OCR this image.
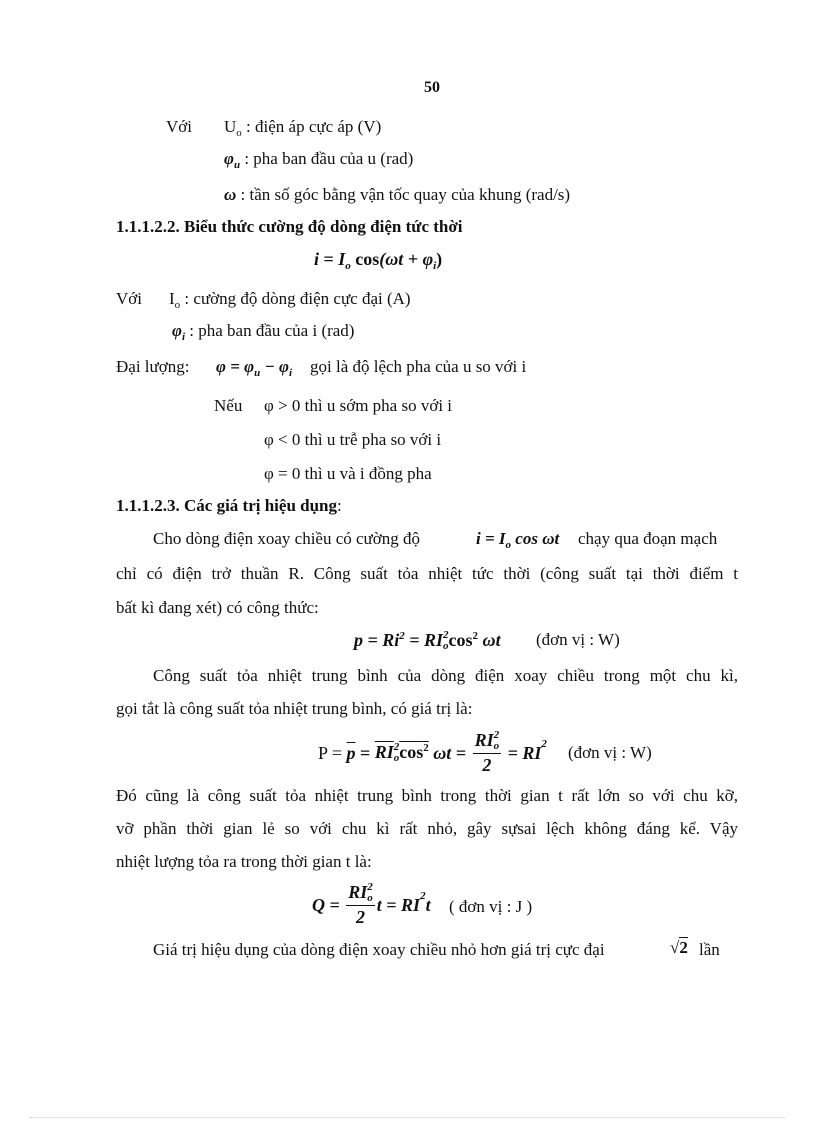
50
Với $U_o$ : điện áp cực áp (V)
$\varphi_u$ : pha ban đầu của u (rad)
ω : tần số góc bằng vận tốc quay của khung (rad/s)
1.1.1.2.2. Biểu thức cường độ dòng điện tức thời
$i = I_o$ $\cos(\omega t + \varphi_i)$
Với $I_o$ : cường độ dòng điện cực đại (A)
$\varphi_i$ : pha ban đầu của i (rad)
Đại lượng: $\varphi = \varphi_u - \varphi_i$ gọi là độ lệch pha của u so với i
Nếu φ > 0 thì u sớm pha so với i
φ < 0 thì u trễ pha so với i
φ = 0 thì u và i đồng pha
1.1.1.2.3. Các giá trị hiệu dụng:
Cho dòng điện xoay chiều có cường độ	$i = I_o$ cos ωt chạy qua đoạn mạch
chỉ có điện trở thuần R. Công suất tỏa nhiệt tức thời (công suất tại thời điểm t
bất kì đang xét) có công thức:
$p = Ri^2$ = RI 2
o $\cos^2 \omega t$ (đơn vị : W)
Công suất tỏa nhiệt trung bình của dòng điện xoay chiều trong một chu kì,
gọi tắt là công suất tỏa nhiệt trung bình, có giá trị là:
$P = \overline{p}$ = RI 2
o $\cos^2 \omega t$ = RI 2
o
$2 = RI^2$ (đơn vị : W)
Đó cũng là công suất tỏa nhiệt trung bình trong thời gian t rất lớn so với chu kỡ,
vỡ phần thời gian lẻ so với chu kì rất nhỏ, gây sựsai lệch không đáng kể. Vậy
nhiệt lượng tỏa ra trong thời gian t là:
Q = RI 2
o
2 $t = RI^2t$ ( đơn vị : J )
Giá trị hiệu dụng của dòng điện xoay chiều nhỏ hơn giá trị cực đại	√2 lần
